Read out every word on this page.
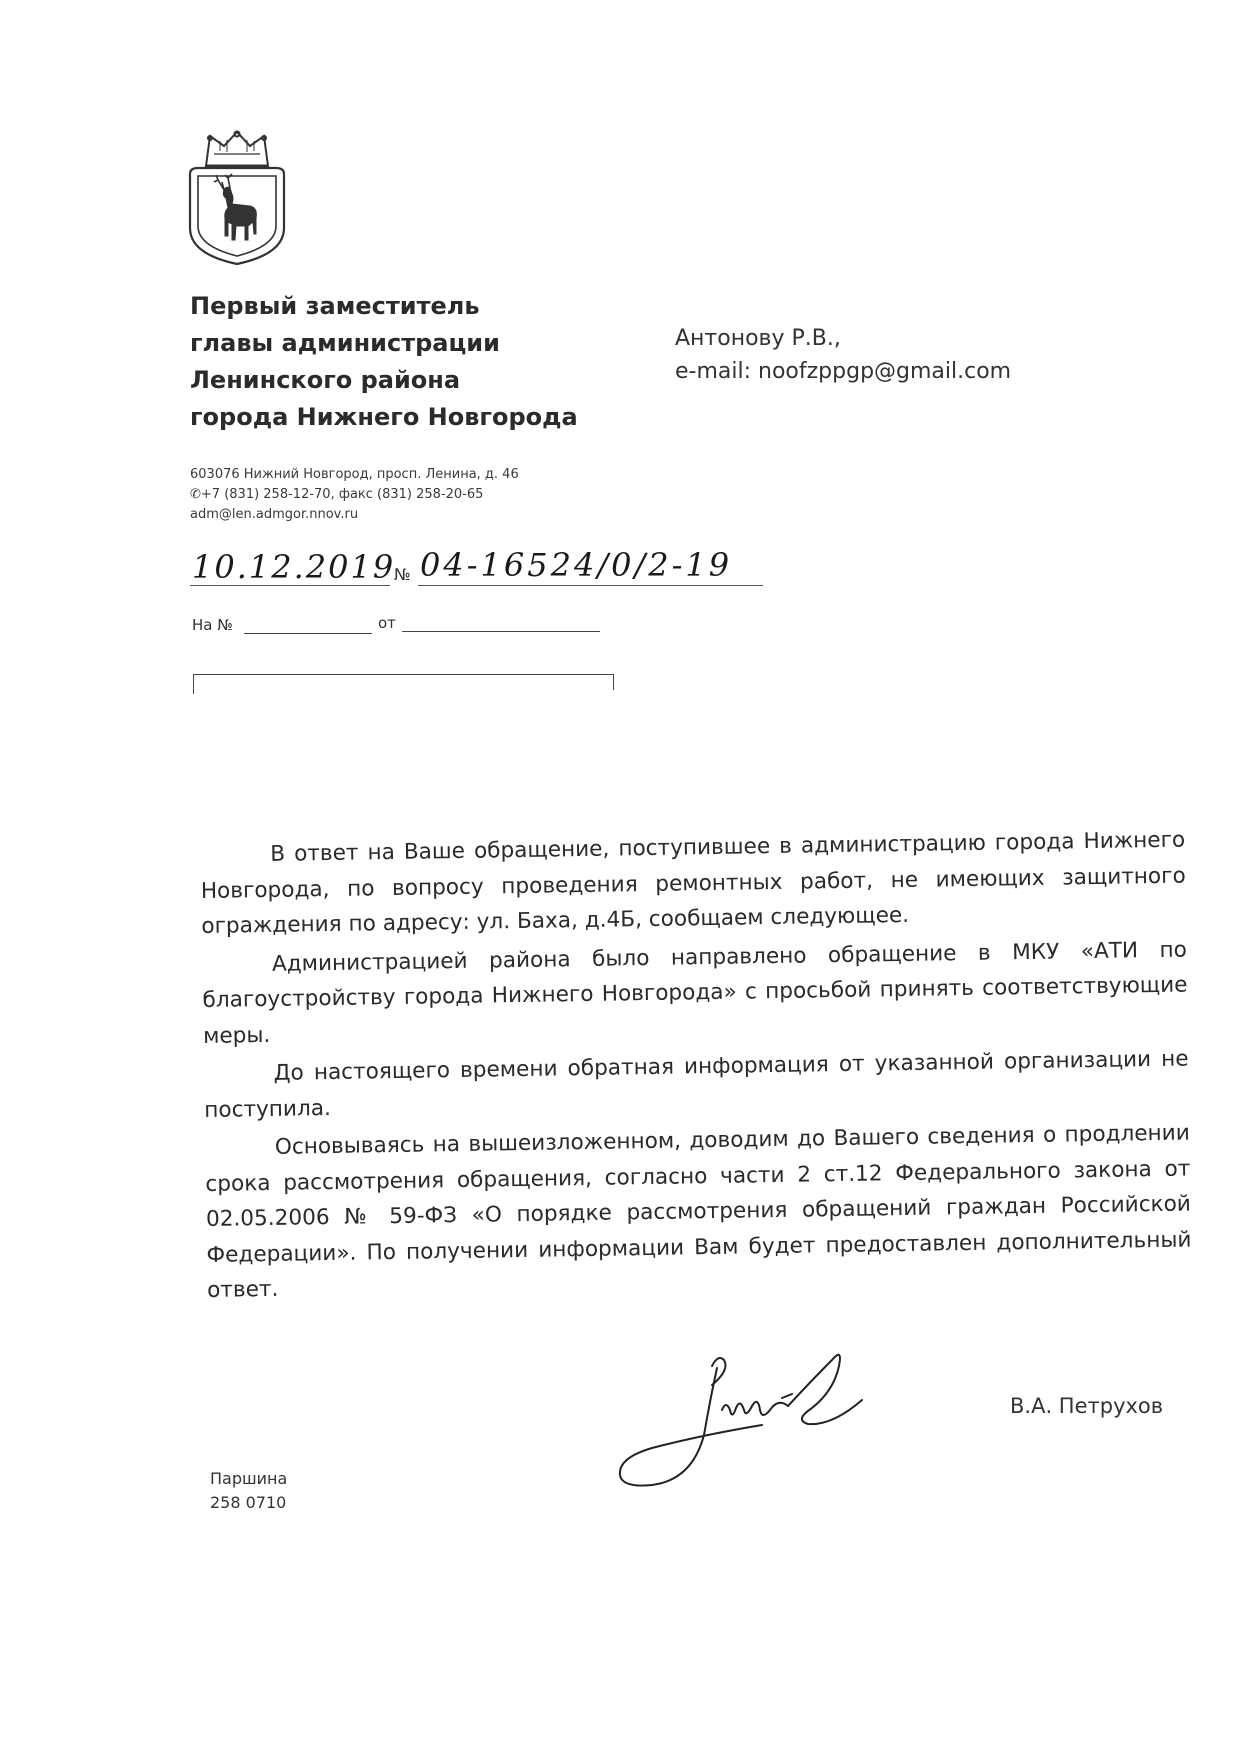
Первый заместитель
главы администрации
Ленинского района
города Нижнего Новгорода
603076 Нижний Новгород, просп. Ленина, д. 46
✆+7 (831) 258-12-70, факс (831) 258-20-65
adm@len.admgor.nnov.ru
Антонову Р.В.,
e-mail: noofzppgp@gmail.com
10.12.2019
№ 04-16524/0/2-19
На №	от

В ответ на Ваше обращение, поступившее в администрацию города Нижнего Новгорода, по вопросу проведения ремонтных работ, не имеющих защитного ограждения по адресу: ул. Баха, д.4Б, сообщаем следующее.

Администрацией района было направлено обращение в МКУ «АТИ по благоустройству города Нижнего Новгорода» с просьбой принять соответствующие меры.

До настоящего времени обратная информация от указанной организации не поступила.

Основываясь на вышеизложенном, доводим до Вашего сведения о продлении срока рассмотрения обращения, согласно части 2 ст.12 Федерального закона от 02.05.2006 № 59-ФЗ «О порядке рассмотрения обращений граждан Российской Федерации». По получении информации Вам будет предоставлен дополнительный ответ.

В.А. Петрухов
Паршина
258 0710
